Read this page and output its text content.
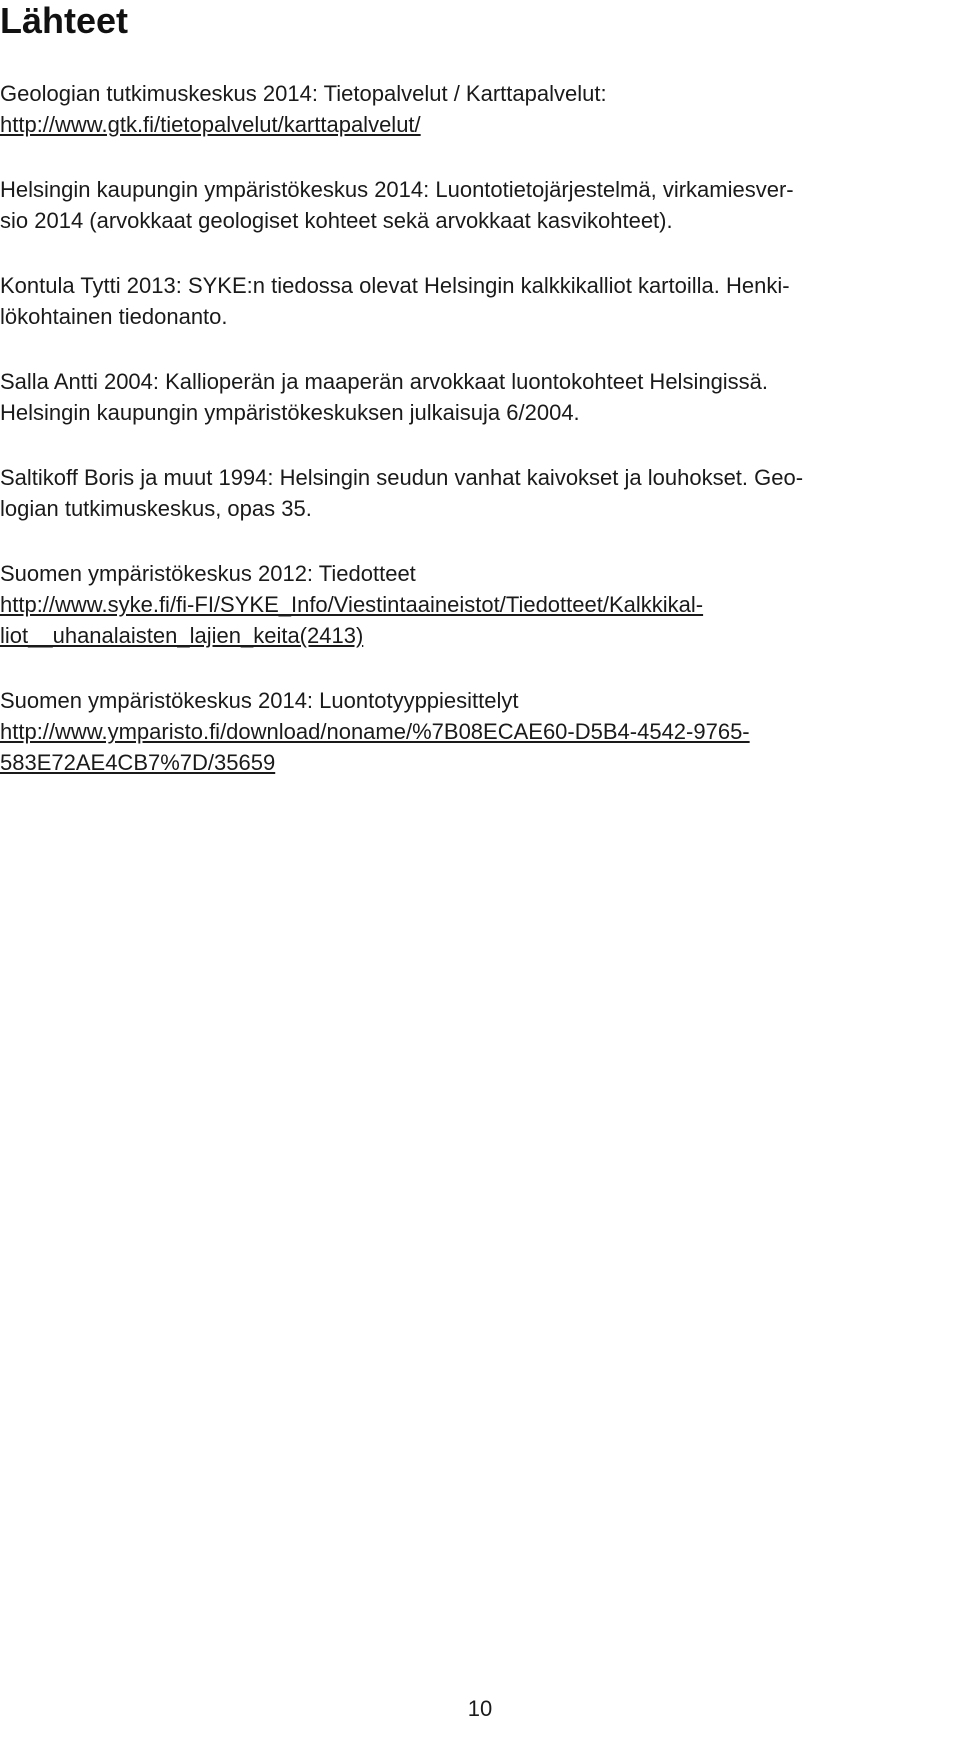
Lähteet

Geologian tutkimuskeskus 2014: Tietopalvelut / Karttapalvelut:
http://www.gtk.fi/tietopalvelut/karttapalvelut/

Helsingin kaupungin ympäristökeskus 2014: Luontotietojärjestelmä, virkamiesver-
sio 2014 (arvokkaat geologiset kohteet sekä arvokkaat kasvikohteet).

Kontula Tytti 2013: SYKE:n tiedossa olevat Helsingin kalkkikalliot kartoilla. Henki-
lökohtainen tiedonanto.

Salla Antti 2004: Kallioperän ja maaperän arvokkaat luontokohteet Helsingissä.
Helsingin kaupungin ympäristökeskuksen julkaisuja 6/2004.

Saltikoff Boris ja muut 1994: Helsingin seudun vanhat kaivokset ja louhokset. Geo-
logian tutkimuskeskus, opas 35.

Suomen ympäristökeskus 2012: Tiedotteet
http://www.syke.fi/fi-FI/SYKE_Info/Viestintaaineistot/Tiedotteet/Kalkkikal-
liot__uhanalaisten_lajien_keita(2413)

Suomen ympäristökeskus 2014: Luontotyyppiesittelyt
http://www.ymparisto.fi/download/noname/%7B08ECAE60-D5B4-4542-9765-
583E72AE4CB7%7D/35659

10
